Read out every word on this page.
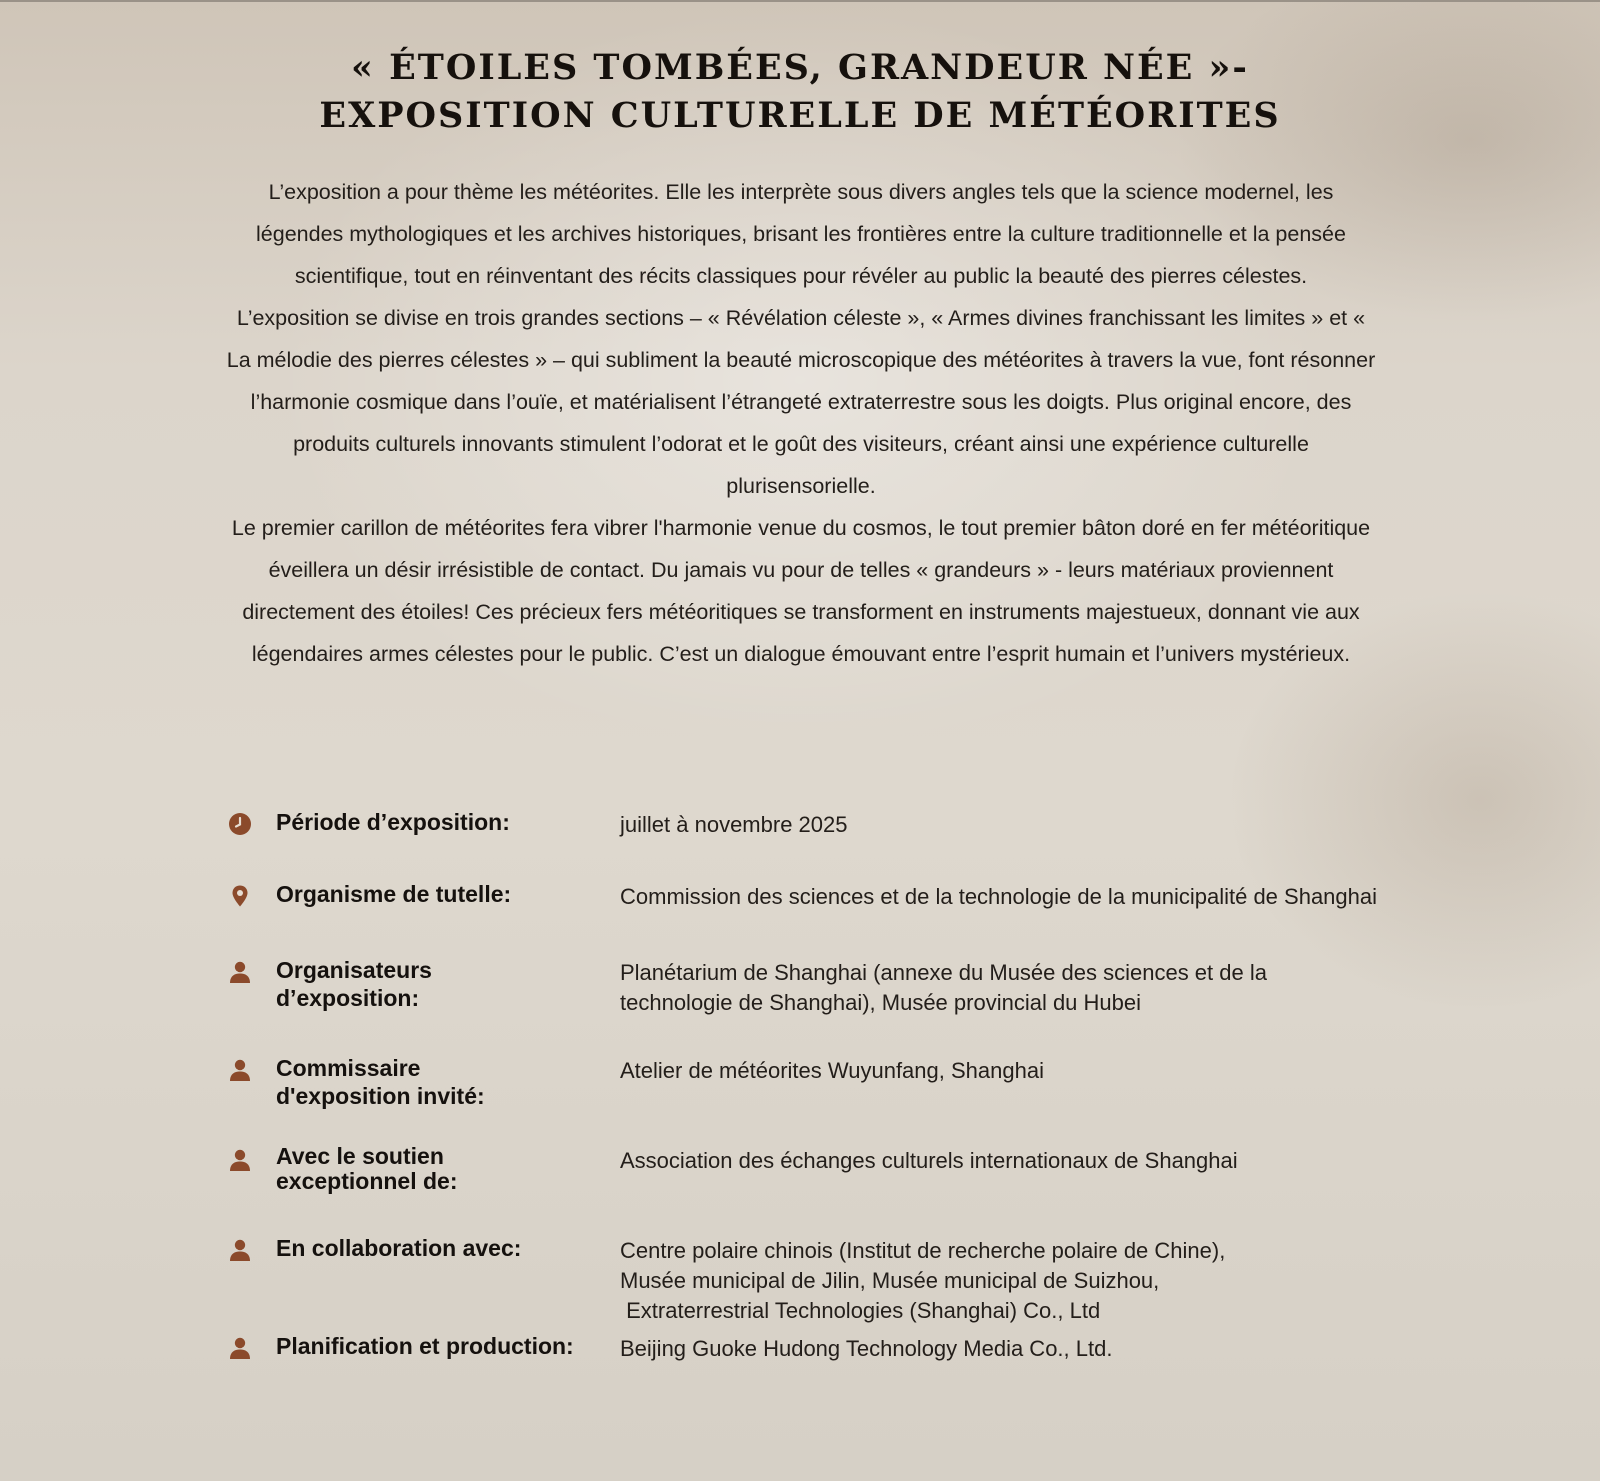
« ÉTOILES TOMBÉES, GRANDEUR NÉE »-
EXPOSITION CULTURELLE DE MÉTÉORITES

L’exposition a pour thème les météorites. Elle les interprète sous divers angles tels que la science modernel, les légendes mythologiques et les archives historiques, brisant les frontières entre la culture traditionnelle et la pensée scientifique, tout en réinventant des récits classiques pour révéler au public la beauté des pierres célestes.

L’exposition se divise en trois grandes sections – « Révélation céleste », « Armes divines franchissant les limites » et « La mélodie des pierres célestes » – qui subliment la beauté microscopique des météorites à travers la vue, font résonner l’harmonie cosmique dans l’ouïe, et matérialisent l’étrangeté extraterrestre sous les doigts. Plus original encore, des produits culturels innovants stimulent l’odorat et le goût des visiteurs, créant ainsi une expérience culturelle plurisensorielle.

Le premier carillon de météorites fera vibrer l'harmonie venue du cosmos, le tout premier bâton doré en fer météoritique éveillera un désir irrésistible de contact. Du jamais vu pour de telles « grandeurs » - leurs matériaux proviennent directement des étoiles! Ces précieux fers météoritiques se transforment en instruments majestueux, donnant vie aux légendaires armes célestes pour le public. C’est un dialogue émouvant entre l’esprit humain et l’univers mystérieux.

Période d’exposition:	juillet à novembre 2025
Organisme de tutelle:	Commission des sciences et de la technologie de la municipalité de Shanghai
Organisateurs d’exposition:
Planétarium de Shanghai (annexe du Musée des sciences et de la
technologie de Shanghai), Musée provincial du Hubei
Commissaire d'exposition invité:
Atelier de météorites Wuyunfang, Shanghai
Avec le soutien exceptionnel de:
Association des échanges culturels internationaux de Shanghai
En collaboration avec:	Centre polaire chinois (Institut de recherche polaire de Chine),
Musée municipal de Jilin, Musée municipal de Suizhou,
Extraterrestrial Technologies (Shanghai) Co., Ltd
Planification et production:	Beijing Guoke Hudong Technology Media Co., Ltd.
